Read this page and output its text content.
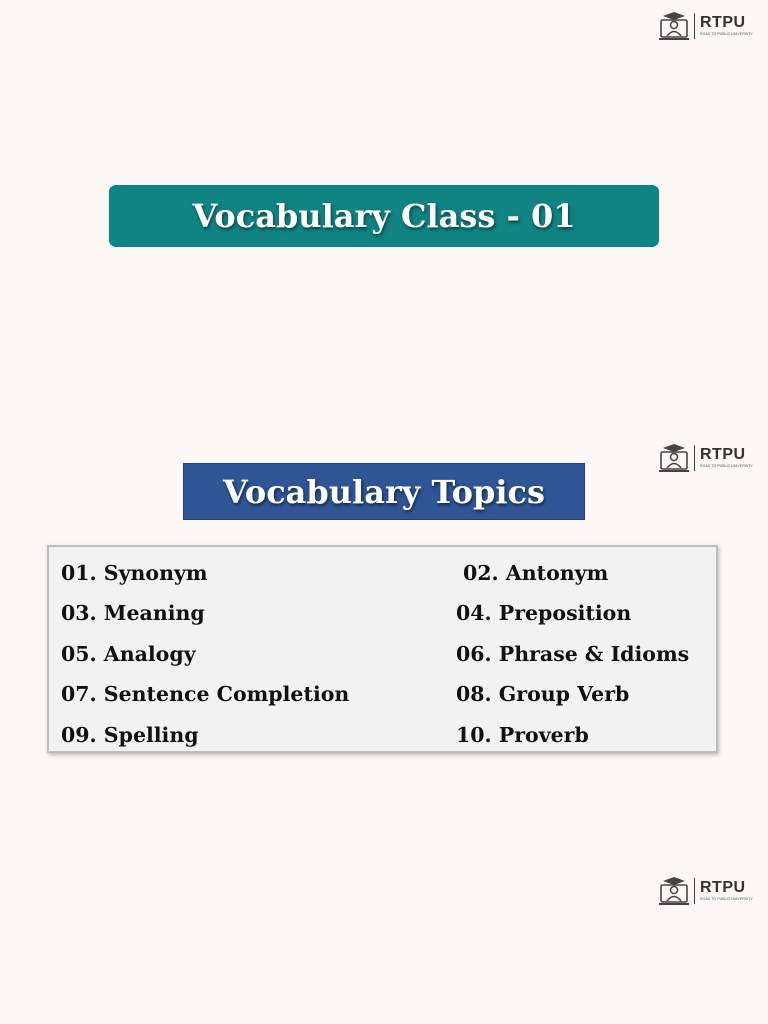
RTPU
ROAD TO PUBLIC UNIVERSITY
Vocabulary Class - 01
RTPU
ROAD TO PUBLIC UNIVERSITY
Vocabulary Topics
01. Synonym	02. Antonym
03. Meaning	04. Preposition
05. Analogy	06. Phrase & Idioms
07. Sentence Completion	08. Group Verb
09. Spelling	10. Proverb
RTPU
ROAD TO PUBLIC UNIVERSITY
